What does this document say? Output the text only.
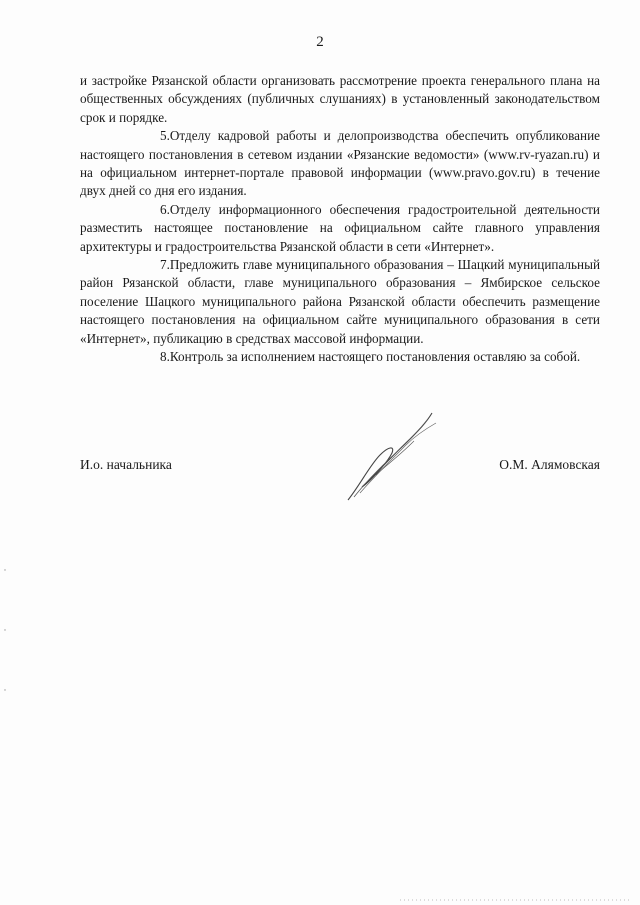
2

и застройке Рязанской области организовать рассмотрение проекта генерального плана на общественных обсуждениях (публичных слушаниях) в установленный законодательством срок и порядке.

5.Отделу кадровой работы и делопроизводства обеспечить опубликование настоящего постановления в сетевом издании «Рязанские ведомости» (www.rv-ryazan.ru) и на официальном интернет-портале правовой информации (www.pravo.gov.ru) в течение двух дней со дня его издания.

6.Отделу информационного обеспечения градостроительной деятельности разместить настоящее постановление на официальном сайте главного управления архитектуры и градостроительства Рязанской области в сети «Интернет».

7.Предложить главе муниципального образования – Шацкий муниципальный район Рязанской области, главе муниципального образования – Ямбирское сельское поселение Шацкого муниципального района Рязанской области обеспечить размещение настоящего постановления на официальном сайте муниципального образования в сети «Интернет», публикацию в средствах массовой информации.

8.Контроль за исполнением настоящего постановления оставляю за собой.

И.о. начальника	О.М. Алямовская
